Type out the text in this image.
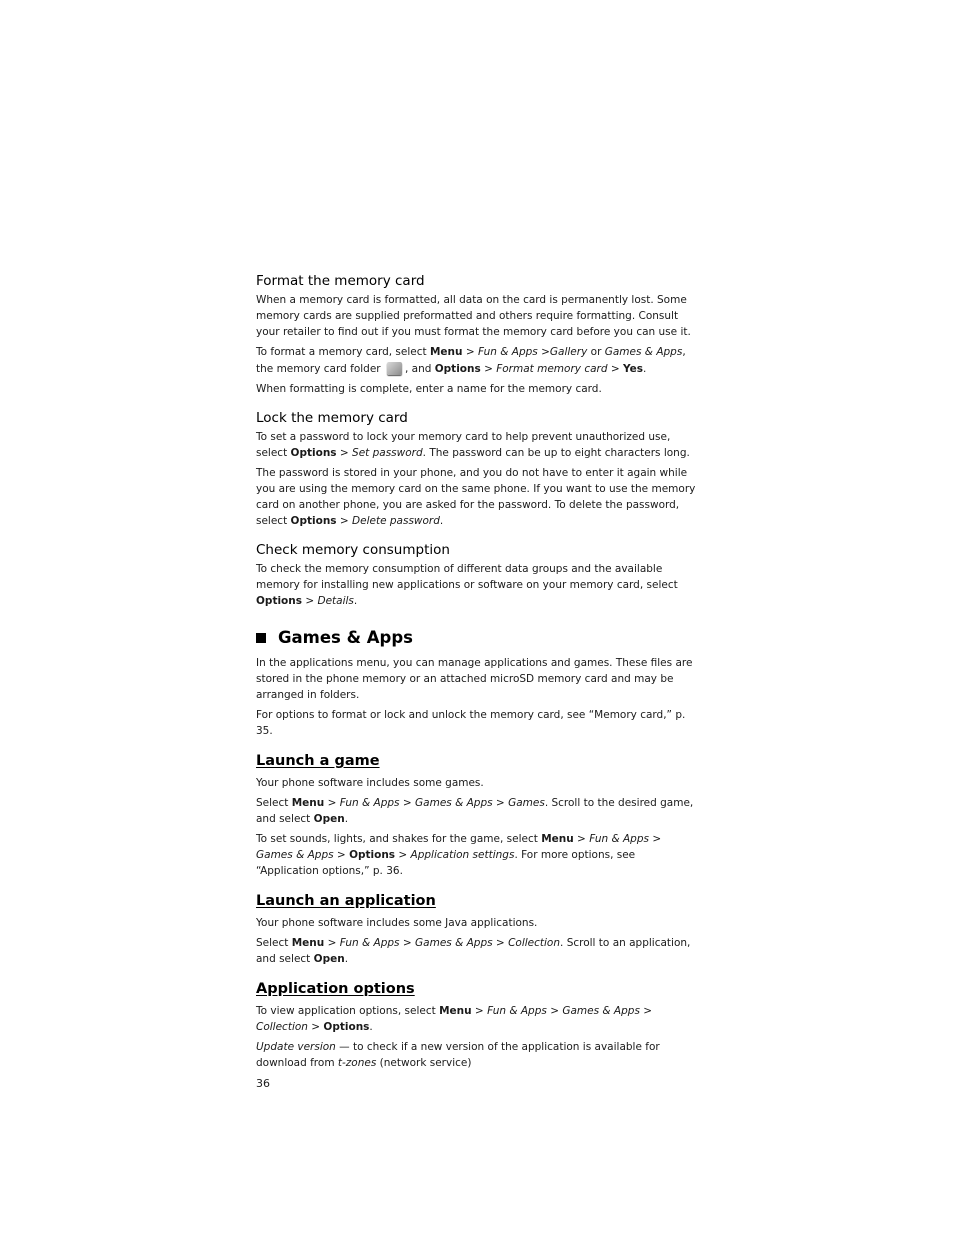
Format the memory card

When a memory card is formatted, all data on the card is permanently lost. Some memory cards are supplied preformatted and others require formatting. Consult your retailer to find out if you must format the memory card before you can use it.

To format a memory card, select Menu > Fun & Apps >Gallery or Games & Apps, the memory card folder , and Options > Format memory card > Yes.

When formatting is complete, enter a name for the memory card.

Lock the memory card

To set a password to lock your memory card to help prevent unauthorized use, select Options > Set password. The password can be up to eight characters long.

The password is stored in your phone, and you do not have to enter it again while you are using the memory card on the same phone. If you want to use the memory card on another phone, you are asked for the password. To delete the password, select Options > Delete password.

Check memory consumption

To check the memory consumption of different data groups and the available memory for installing new applications or software on your memory card, select Options > Details.

Games & Apps

In the applications menu, you can manage applications and games. These files are stored in the phone memory or an attached microSD memory card and may be arranged in folders.

For options to format or lock and unlock the memory card, see “Memory card,” p. 35.

Launch a game

Your phone software includes some games.

Select Menu > Fun & Apps > Games & Apps > Games. Scroll to the desired game, and select Open.

To set sounds, lights, and shakes for the game, select Menu > Fun & Apps > Games & Apps > Options > Application settings. For more options, see “Application options,” p. 36.

Launch an application

Your phone software includes some Java applications.

Select Menu > Fun & Apps > Games & Apps > Collection. Scroll to an application, and select Open.

Application options

To view application options, select Menu > Fun & Apps > Games & Apps > Collection > Options.

Update version — to check if a new version of the application is available for download from t-zones (network service)

36
